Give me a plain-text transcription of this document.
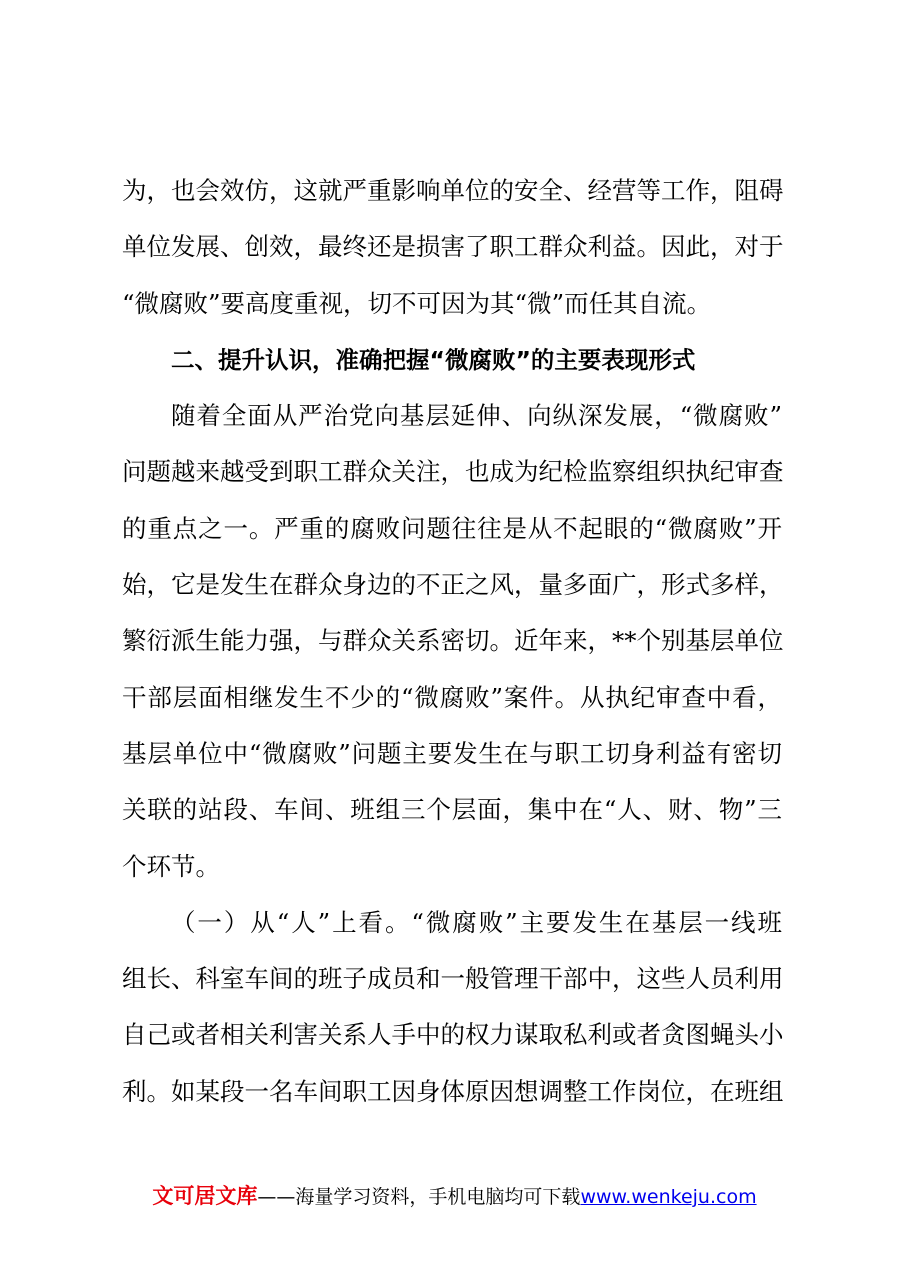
为，也会效仿，这就严重影响单位的安全、经营等工作，阻碍
单位发展、创效，最终还是损害了职工群众利益。因此，对于
“微腐败”要高度重视，切不可因为其“微”而任其自流。
二、提升认识，准确把握“微腐败”的主要表现形式
随着全面从严治党向基层延伸、向纵深发展，“微腐败”
问题越来越受到职工群众关注，也成为纪检监察组织执纪审查
的重点之一。严重的腐败问题往往是从不起眼的“微腐败”开
始，它是发生在群众身边的不正之风，量多面广，形式多样，
繁衍派生能力强，与群众关系密切。近年来，**个别基层单位
干部层面相继发生不少的“微腐败”案件。从执纪审查中看，
基层单位中“微腐败”问题主要发生在与职工切身利益有密切
关联的站段、车间、班组三个层面，集中在“人、财、物”三
个环节。
（一）从“人”上看。“微腐败”主要发生在基层一线班
组长、科室车间的班子成员和一般管理干部中，这些人员利用
自己或者相关利害关系人手中的权力谋取私利或者贪图蝇头小
利。如某段一名车间职工因身体原因想调整工作岗位，在班组
文可居文库——海量学习资料，手机电脑均可下载www.wenkeju.com
